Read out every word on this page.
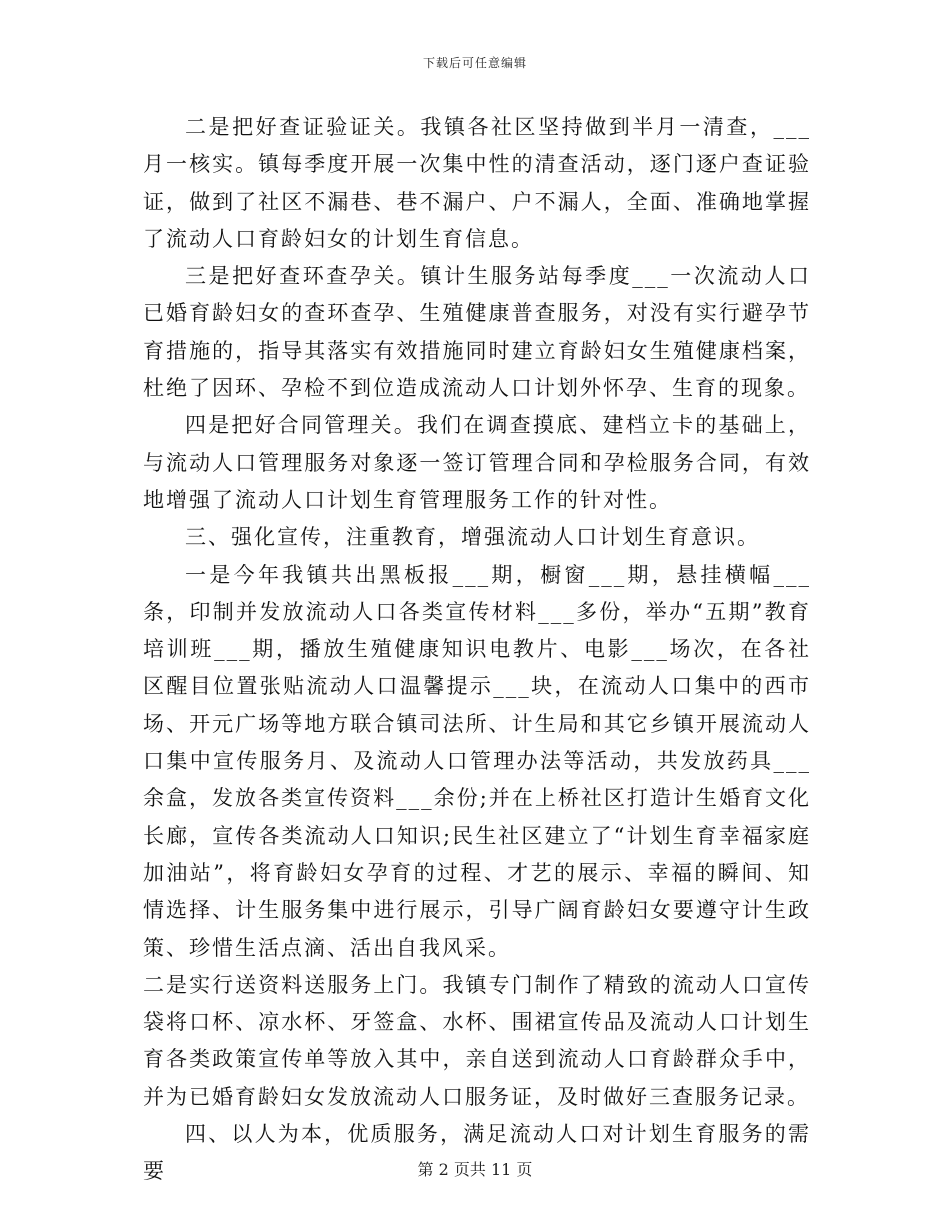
下载后可任意编辑

二是把好查证验证关。我镇各社区坚持做到半月一清查，___月一核实。镇每季度开展一次集中性的清查活动，逐门逐户查证验证，做到了社区不漏巷、巷不漏户、户不漏人，全面、准确地掌握了流动人口育龄妇女的计划生育信息。

三是把好查环查孕关。镇计生服务站每季度___一次流动人口已婚育龄妇女的查环查孕、生殖健康普查服务，对没有实行避孕节育措施的，指导其落实有效措施同时建立育龄妇女生殖健康档案，杜绝了因环、孕检不到位造成流动人口计划外怀孕、生育的现象。

四是把好合同管理关。我们在调查摸底、建档立卡的基础上，与流动人口管理服务对象逐一签订管理合同和孕检服务合同，有效地增强了流动人口计划生育管理服务工作的针对性。

三、强化宣传，注重教育，增强流动人口计划生育意识。

一是今年我镇共出黑板报___期，橱窗___期，悬挂横幅___条，印制并发放流动人口各类宣传材料___多份，举办“五期”教育培训班___期，播放生殖健康知识电教片、电影___场次，在各社区醒目位置张贴流动人口温馨提示___块，在流动人口集中的西市场、开元广场等地方联合镇司法所、计生局和其它乡镇开展流动人口集中宣传服务月、及流动人口管理办法等活动，共发放药具___余盒，发放各类宣传资料___余份;并在上桥社区打造计生婚育文化长廊，宣传各类流动人口知识;民生社区建立了“计划生育幸福家庭加油站”，将育龄妇女孕育的过程、才艺的展示、幸福的瞬间、知情选择、计生服务集中进行展示，引导广阔育龄妇女要遵守计生政策、珍惜生活点滴、活出自我风采。

二是实行送资料送服务上门。我镇专门制作了精致的流动人口宣传袋将口杯、凉水杯、牙签盒、水杯、围裙宣传品及流动人口计划生育各类政策宣传单等放入其中，亲自送到流动人口育龄群众手中，并为已婚育龄妇女发放流动人口服务证，及时做好三查服务记录。

四、以人为本，优质服务，满足流动人口对计划生育服务的需要	第 2 页共 11 页
